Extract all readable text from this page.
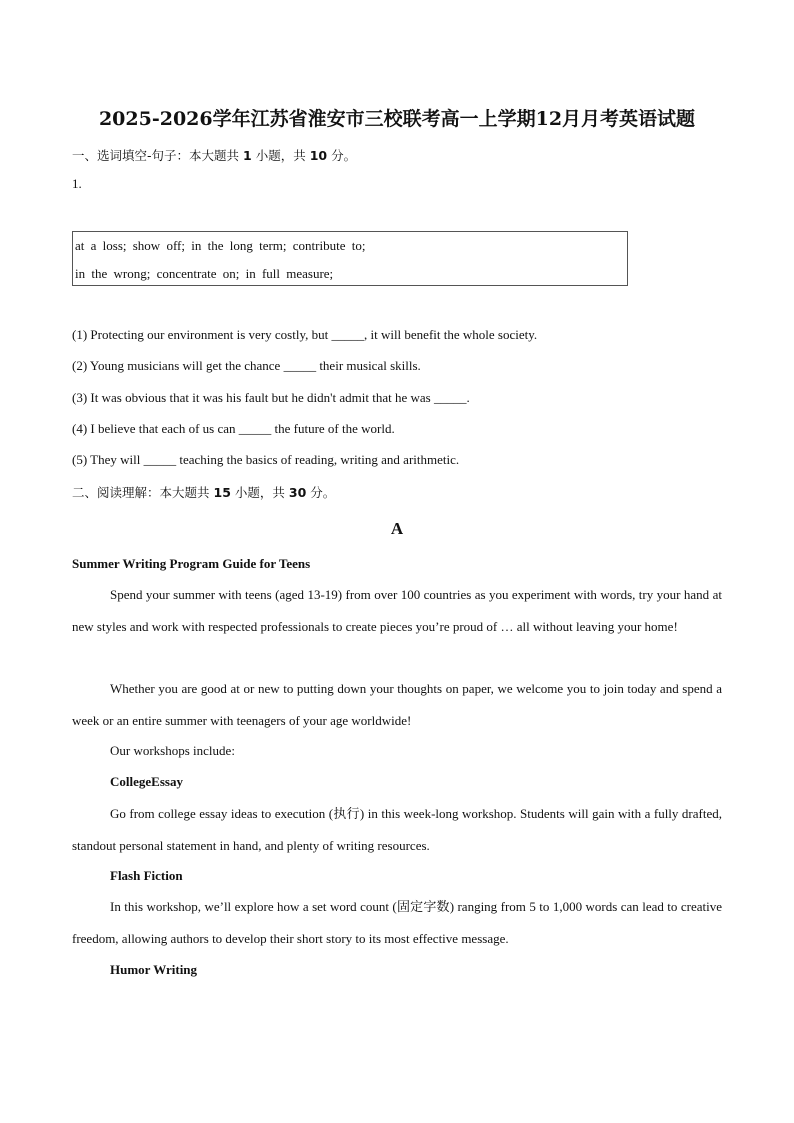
2025-2026学年江苏省淮安市三校联考高一上学期12月月考英语试题
一、选词填空-句子：本大题共 1 小题，共 10 分。
1.
at a loss; show off; in the long term; contribute to;
in the wrong; concentrate on; in full measure;
(1) Protecting our environment is very costly, but _____, it will benefit the whole society.
(2) Young musicians will get the chance _____ their musical skills.
(3) It was obvious that it was his fault but he didn't admit that he was _____.
(4) I believe that each of us can _____ the future of the world.
(5) They will _____ teaching the basics of reading, writing and arithmetic.
二、阅读理解：本大题共 15 小题，共 30 分。
A
Summer Writing Program Guide for Teens
Spend your summer with teens (aged 13-19) from over 100 countries as you experiment with words, try your hand at new styles and work with respected professionals to create pieces you’re proud of … all without leaving your home!
Whether you are good at or new to putting down your thoughts on paper, we welcome you to join today and spend a week or an entire summer with teenagers of your age worldwide!
Our workshops include:
CollegeEssay
Go from college essay ideas to execution (执行) in this week-long workshop. Students will gain with a fully drafted, standout personal statement in hand, and plenty of writing resources.
Flash Fiction
In this workshop, we’ll explore how a set word count (固定字数) ranging from 5 to 1,000 words can lead to creative freedom, allowing authors to develop their short story to its most effective message.
Humor Writing
